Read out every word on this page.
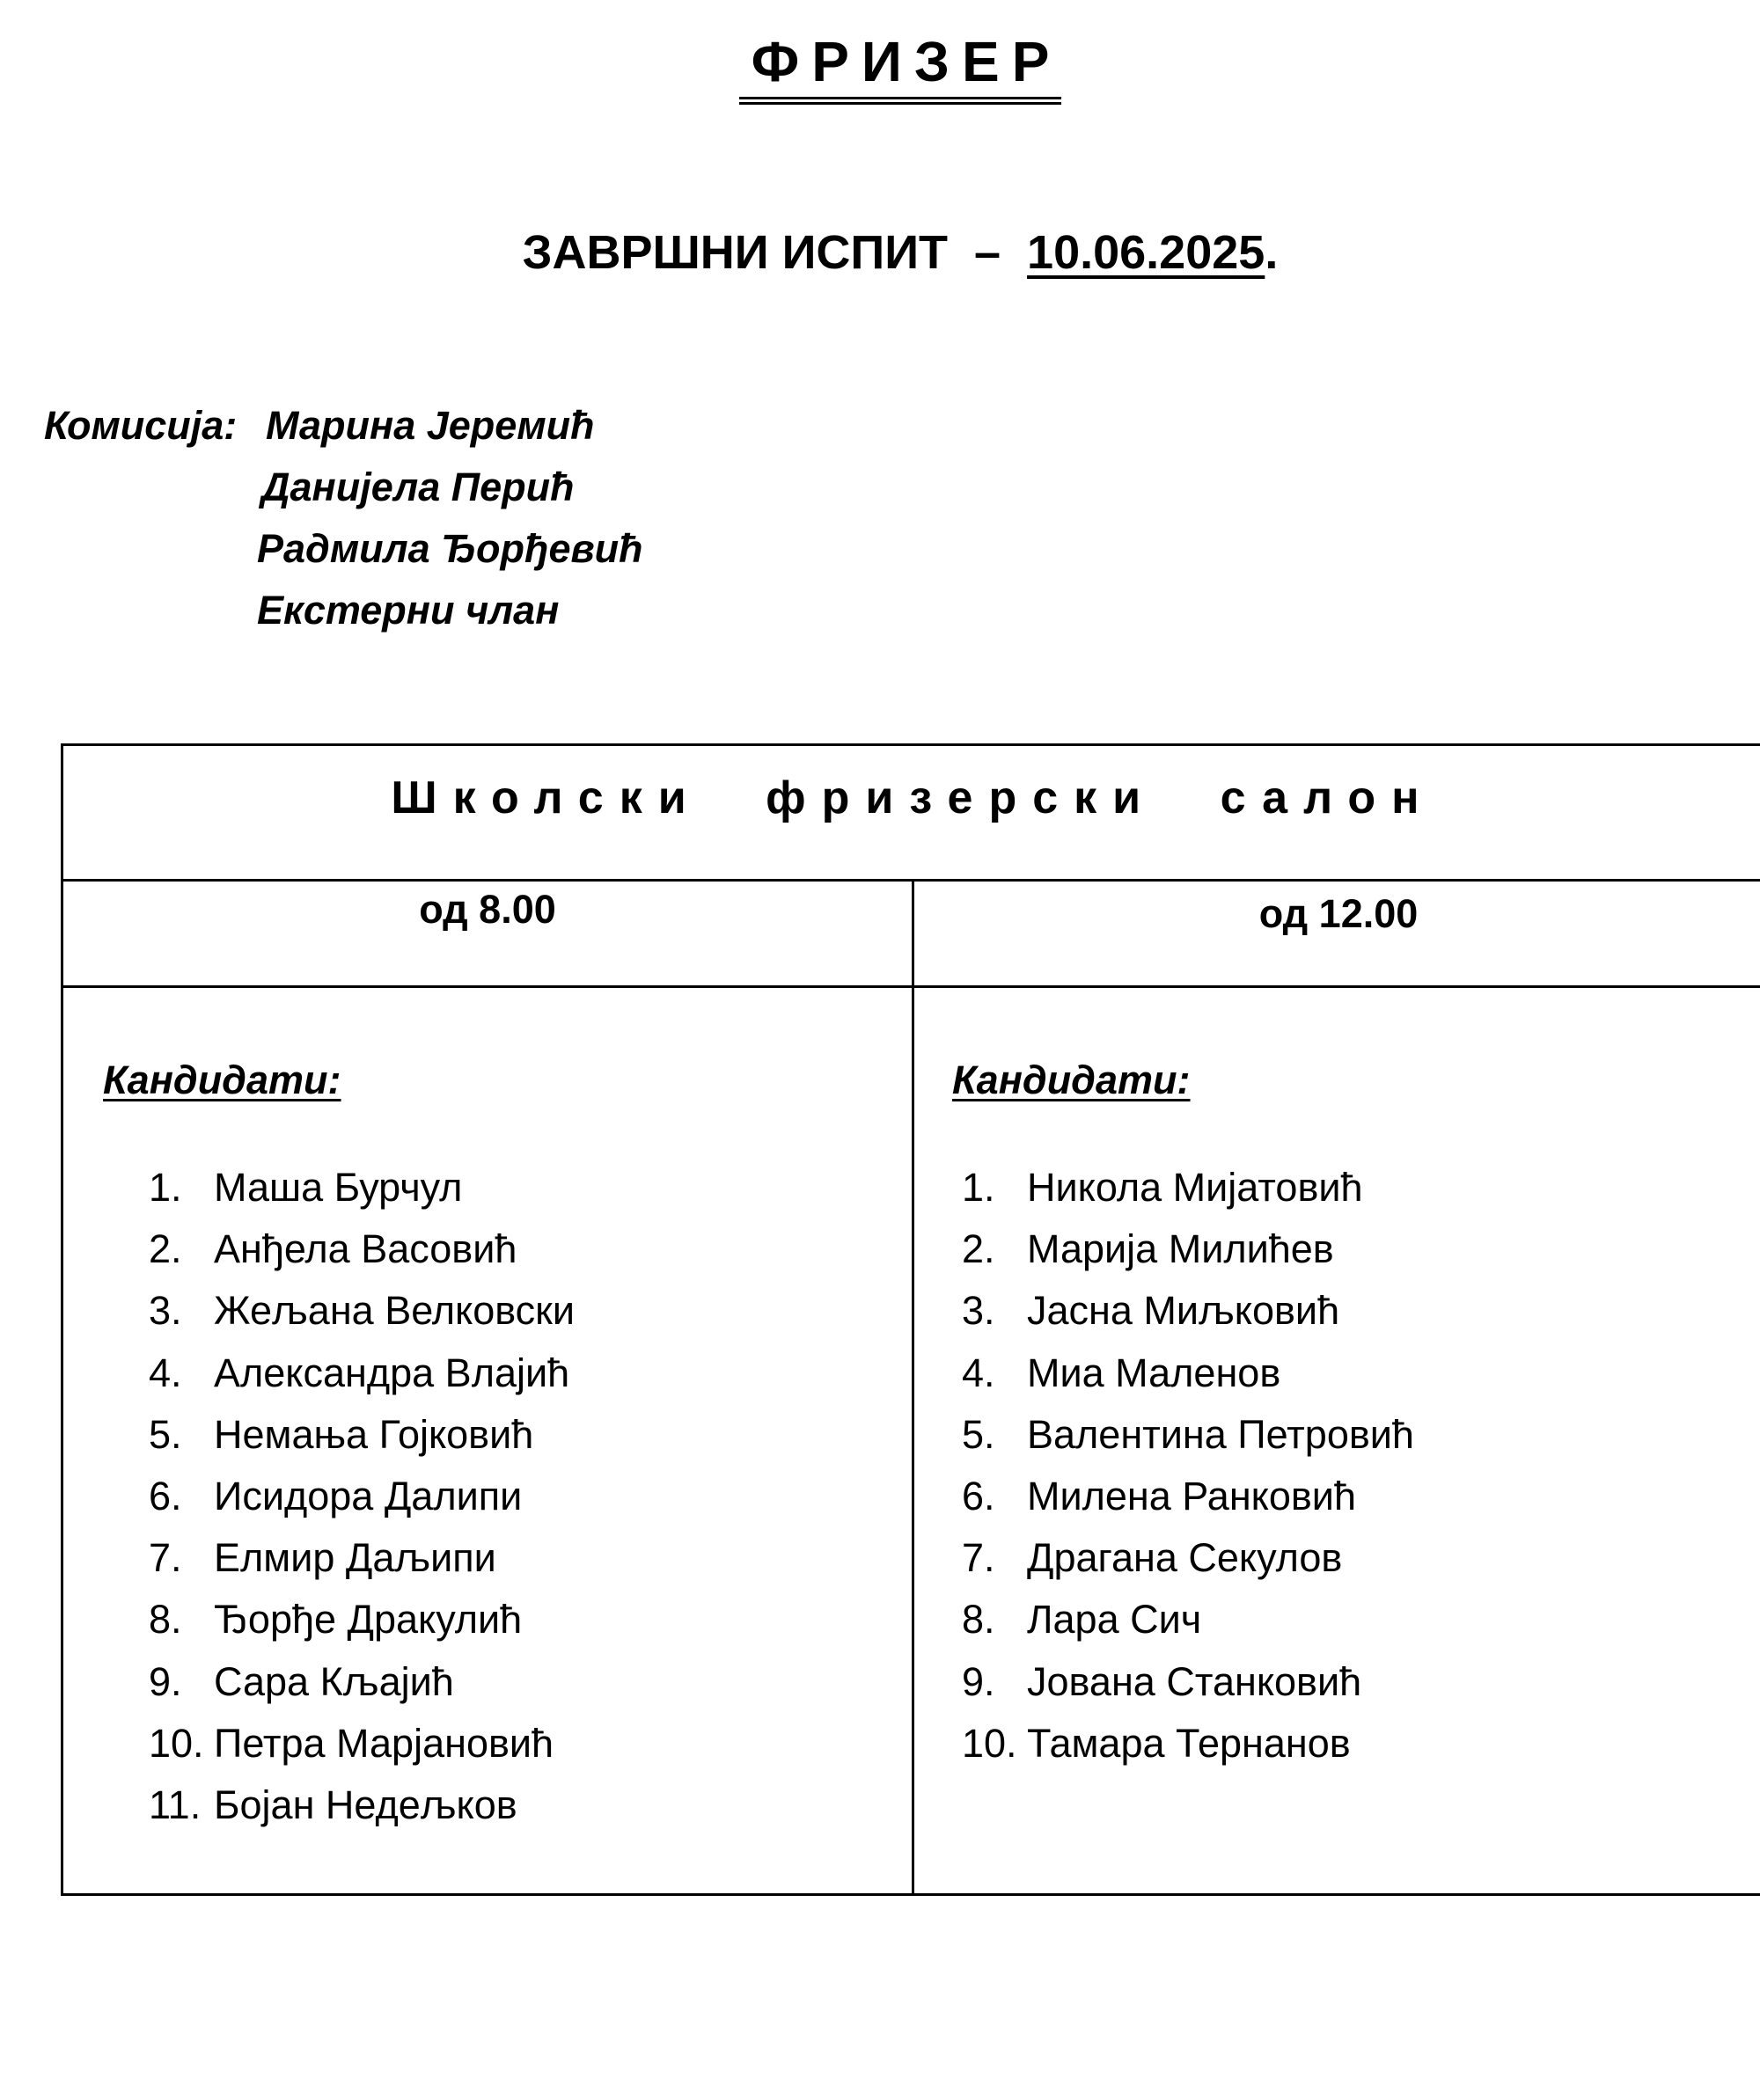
ФРИЗЕР
ЗАВРШНИ ИСПИТ  –  10.06.2025.
Комисија: Марина Јеремић
Данијела Перић
Радмила Ђорђевић
Екстерни члан
Школски фризерски салон
од 8.00	од 12.00
Кандидати:	Кандидати:
1. Маша Бурчул
2. Анђела Васовић
3. Жељана Велковски
4. Александра Влајић
5. Немања Гојковић
6. Исидора Далипи
7. Елмир Даљипи
8. Ђорђе Дракулић
9. Сара Кљајић
10. Петра Марјановић
11. Бојан Недељков
1. Никола Мијатовић
2. Марија Милићев
3. Јасна Миљковић
4. Миа Маленов
5. Валентина Петровић
6. Милена Ранковић
7. Драгана Секулов
8. Лара Сич
9. Јована Станковић
10. Тамара Тернанов
